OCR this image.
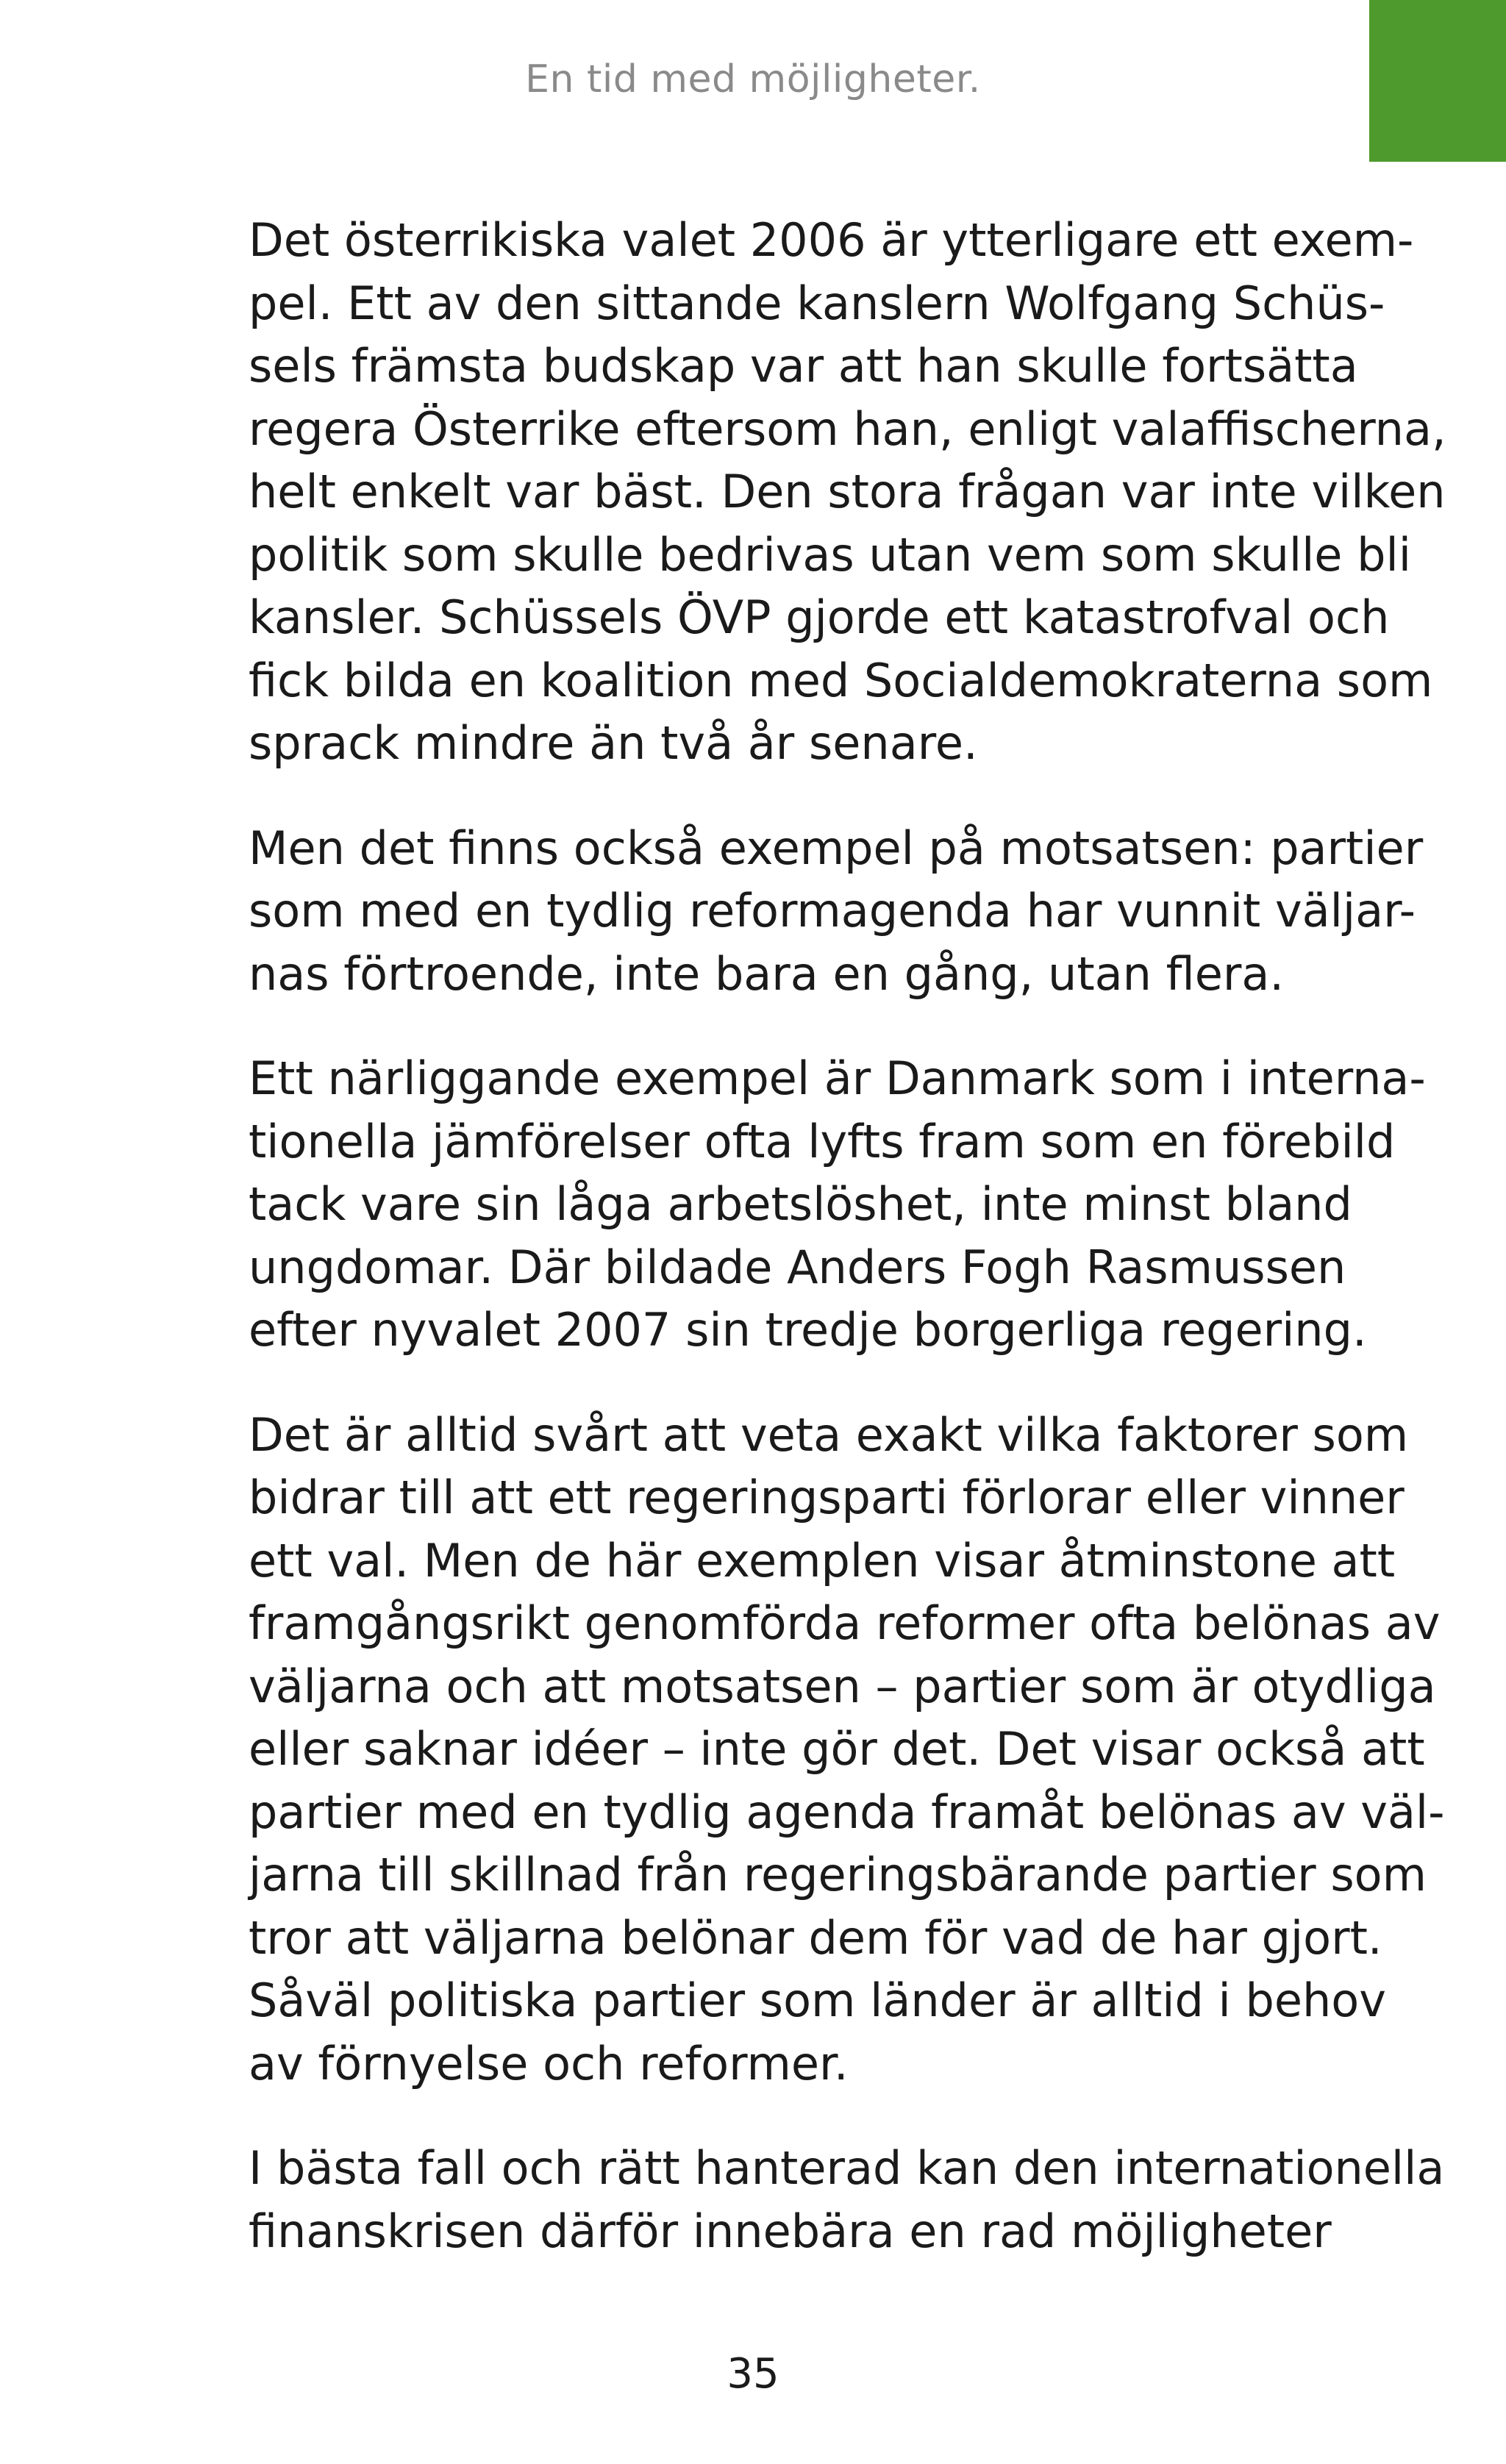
En tid med möjligheter.

Det österrikiska valet 2006 är ytterligare ett exem-
pel. Ett av den sittande kanslern Wolfgang Schüs-
sels främsta budskap var att han skulle fortsätta
regera Österrike eftersom han, enligt valaffischerna,
helt enkelt var bäst. Den stora frågan var inte vilken
politik som skulle bedrivas utan vem som skulle bli
kansler. Schüssels ÖVP gjorde ett katastrofval och
fick bilda en koalition med Socialdemokraterna som
sprack mindre än två år senare.

Men det finns också exempel på motsatsen: partier
som med en tydlig reformagenda har vunnit väljar-
nas förtroende, inte bara en gång, utan flera.

Ett närliggande exempel är Danmark som i interna-
tionella jämförelser ofta lyfts fram som en förebild
tack vare sin låga arbetslöshet, inte minst bland
ungdomar. Där bildade Anders Fogh Rasmussen
efter nyvalet 2007 sin tredje borgerliga regering.

Det är alltid svårt att veta exakt vilka faktorer som
bidrar till att ett regeringsparti förlorar eller vinner
ett val. Men de här exemplen visar åtminstone att
framgångsrikt genomförda reformer ofta belönas av
väljarna och att motsatsen – partier som är otydliga
eller saknar idéer – inte gör det. Det visar också att
partier med en tydlig agenda framåt belönas av väl-
jarna till skillnad från regeringsbärande partier som
tror att väljarna belönar dem för vad de har gjort.
Såväl politiska partier som länder är alltid i behov
av förnyelse och reformer.

I bästa fall och rätt hanterad kan den internationella
finanskrisen därför innebära en rad möjligheter

35
